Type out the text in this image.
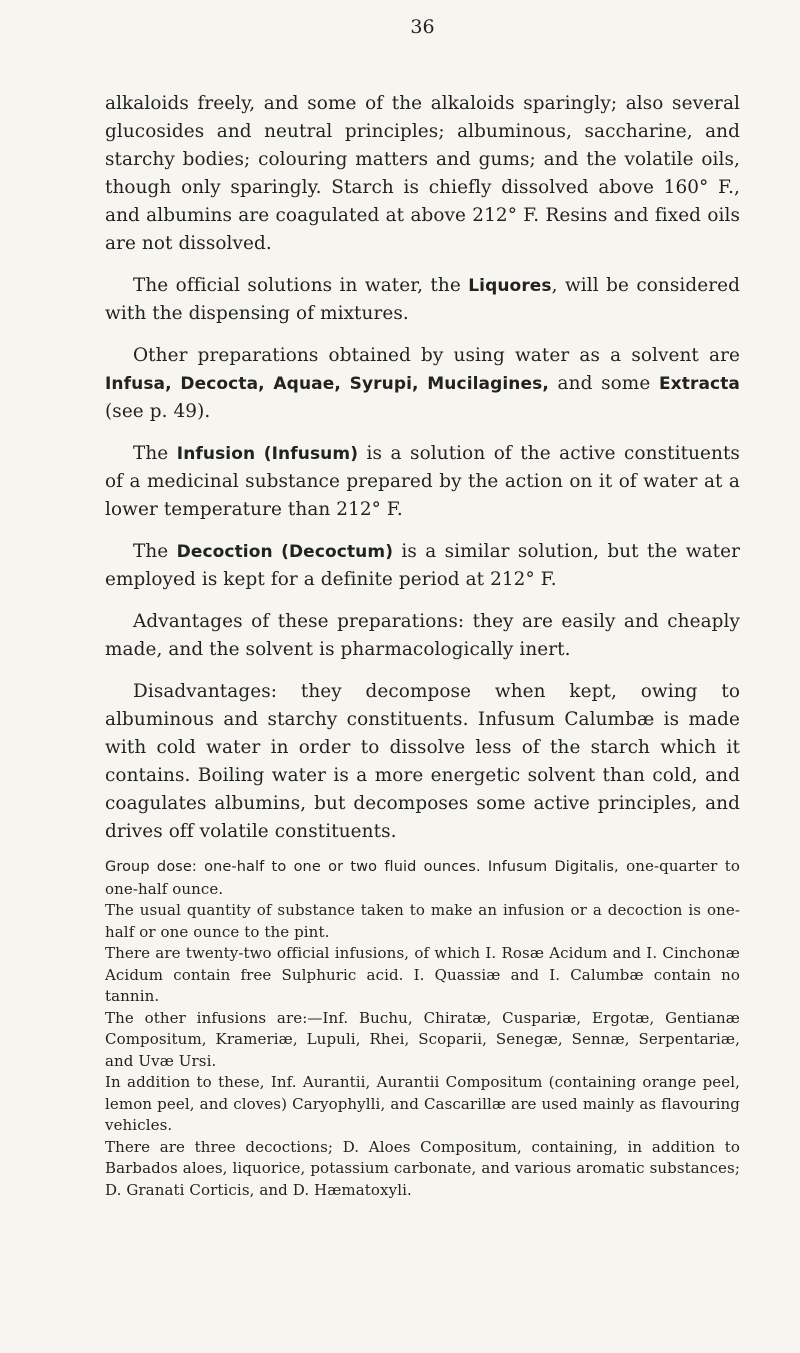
36

alkaloids freely, and some of the alkaloids sparingly; also several glucosides and neutral principles; albuminous, saccharine, and starchy bodies; colouring matters and gums; and the volatile oils, though only sparingly. Starch is chiefly dissolved above 160° F., and albumins are coagulated at above 212° F. Resins and fixed oils are not dissolved.

The official solutions in water, the Liquores, will be considered with the dispensing of mixtures.

Other preparations obtained by using water as a solvent are Infusa, Decocta, Aquae, Syrupi, Mucilagines, and some Extracta (see p. 49).

The Infusion (Infusum) is a solution of the active constituents of a medicinal substance prepared by the action on it of water at a lower temperature than 212° F.

The Decoction (Decoctum) is a similar solution, but the water employed is kept for a definite period at 212° F.

Advantages of these preparations: they are easily and cheaply made, and the solvent is pharmacologically inert.

Disadvantages: they decompose when kept, owing to albuminous and starchy constituents. Infusum Calumbæ is made with cold water in order to dissolve less of the starch which it contains. Boiling water is a more energetic solvent than cold, and coagulates albumins, but decomposes some active principles, and drives off volatile constituents.

Group dose: one-half to one or two fluid ounces. Infusum Digitalis, one-quarter to one-half ounce.

The usual quantity of substance taken to make an infusion or a decoction is one-half or one ounce to the pint.

There are twenty-two official infusions, of which I. Rosæ Acidum and I. Cinchonæ Acidum contain free Sulphuric acid. I. Quassiæ and I. Calumbæ contain no tannin.

The other infusions are:—Inf. Buchu, Chiratæ, Cuspariæ, Ergotæ, Gentianæ Compositum, Krameriæ, Lupuli, Rhei, Scoparii, Senegæ, Sennæ, Serpentariæ, and Uvæ Ursi.

In addition to these, Inf. Aurantii, Aurantii Compositum (containing orange peel, lemon peel, and cloves) Caryophylli, and Cascarillæ are used mainly as flavouring vehicles.

There are three decoctions; D. Aloes Compositum, containing, in addition to Barbados aloes, liquorice, potassium carbonate, and various aromatic substances; D. Granati Corticis, and D. Hæmatoxyli.
